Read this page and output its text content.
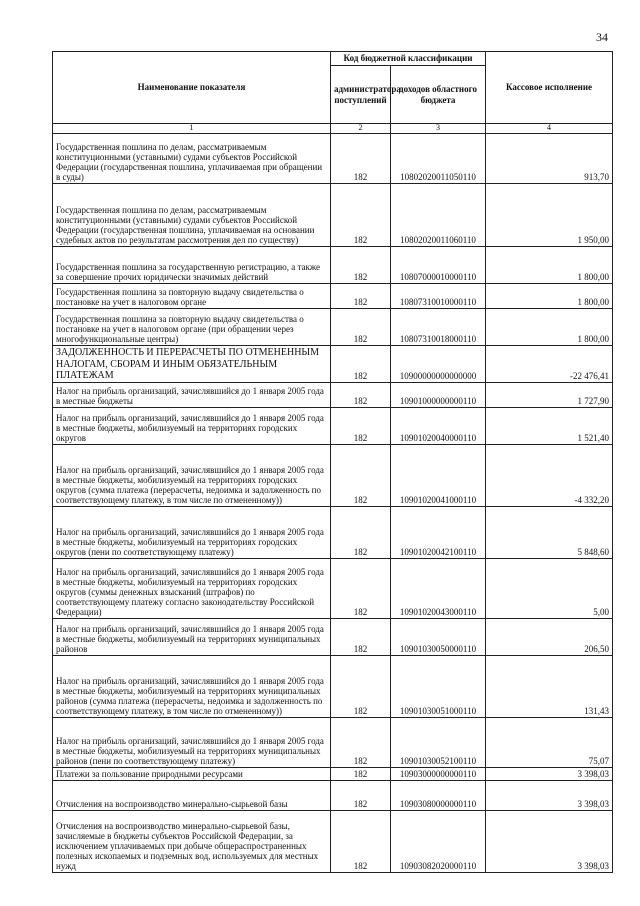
34
Наименование показателя	Код бюджетной классификации		Кассовое исполнение
	администратора поступлений	доходов областного бюджета	
1	2	3	4
Государственная пошлина по делам, рассматриваемым конституционными (уставными) судами субъектов Российской Федерации (государственная пошлина, уплачиваемая при обращении в суды)	182	10802020011050110	913,70
Государственная пошлина по делам, рассматриваемым конституционными (уставными) судами субъектов Российской Федерации (государственная пошлина, уплачиваемая на основании судебных актов по результатам рассмотрения дел по существу)	182	10802020011060110	1 950,00
Государственная пошлина за государственную регистрацию, а также за совершение прочих юридически значимых действий	182	10807000010000110	1 800,00
Государственная пошлина за повторную выдачу свидетельства о постановке на учет в налоговом органе	182	10807310010000110	1 800,00
Государственная пошлина за повторную выдачу свидетельства о постановке на учет в налоговом органе (при обращении через многофункциональные центры)	182	10807310018000110	1 800,00
ЗАДОЛЖЕННОСТЬ И ПЕРЕРАСЧЕТЫ ПО ОТМЕНЕННЫМ НАЛОГАМ, СБОРАМ И ИНЫМ ОБЯЗАТЕЛЬНЫМ ПЛАТЕЖАМ	182	10900000000000000	-22 476,41
Налог на прибыль организаций, зачислявшийся до 1 января 2005 года в местные бюджеты	182	10901000000000110	1 727,90
Налог на прибыль организаций, зачислявшийся до 1 января 2005 года в местные бюджеты, мобилизуемый на территориях городских округов	182	10901020040000110	1 521,40
Налог на прибыль организаций, зачислявшийся до 1 января 2005 года в местные бюджеты, мобилизуемый на территориях городских округов (сумма платежа (перерасчеты, недоимка и задолженность по соответствующему платежу, в том числе по отмененному))	182	10901020041000110	-4 332,20
Налог на прибыль организаций, зачислявшийся до 1 января 2005 года в местные бюджеты, мобилизуемый на территориях городских округов (пени по соответствующему платежу)	182	10901020042100110	5 848,60
Налог на прибыль организаций, зачислявшийся до 1 января 2005 года в местные бюджеты, мобилизуемый на территориях городских округов (суммы денежных взысканий (штрафов) по соответствующему платежу согласно законодательству Российской Федерации)	182	10901020043000110	5,00
Налог на прибыль организаций, зачислявшийся до 1 января 2005 года в местные бюджеты, мобилизуемый на территориях муниципальных районов	182	10901030050000110	206,50
Налог на прибыль организаций, зачислявшийся до 1 января 2005 года в местные бюджеты, мобилизуемый на территориях муниципальных районов (сумма платежа (перерасчеты, недоимка и задолженность по соответствующему платежу, в том числе по отмененному))	182	10901030051000110	131,43
Налог на прибыль организаций, зачислявшийся до 1 января 2005 года в местные бюджеты, мобилизуемый на территориях муниципальных районов (пени по соответствующему платежу)	182	10901030052100110	75,07
Платежи за пользование природными ресурсами	182	10903000000000110	3 398,03
Отчисления на воспроизводство минерально-сырьевой базы	182	10903080000000110	3 398,03
Отчисления на воспроизводство минерально-сырьевой базы, зачисляемые в бюджеты субъектов Российской Федерации, за исключением уплачиваемых при добыче общераспространенных полезных ископаемых и подземных вод, используемых для местных нужд	182	10903082020000110	3 398,03
